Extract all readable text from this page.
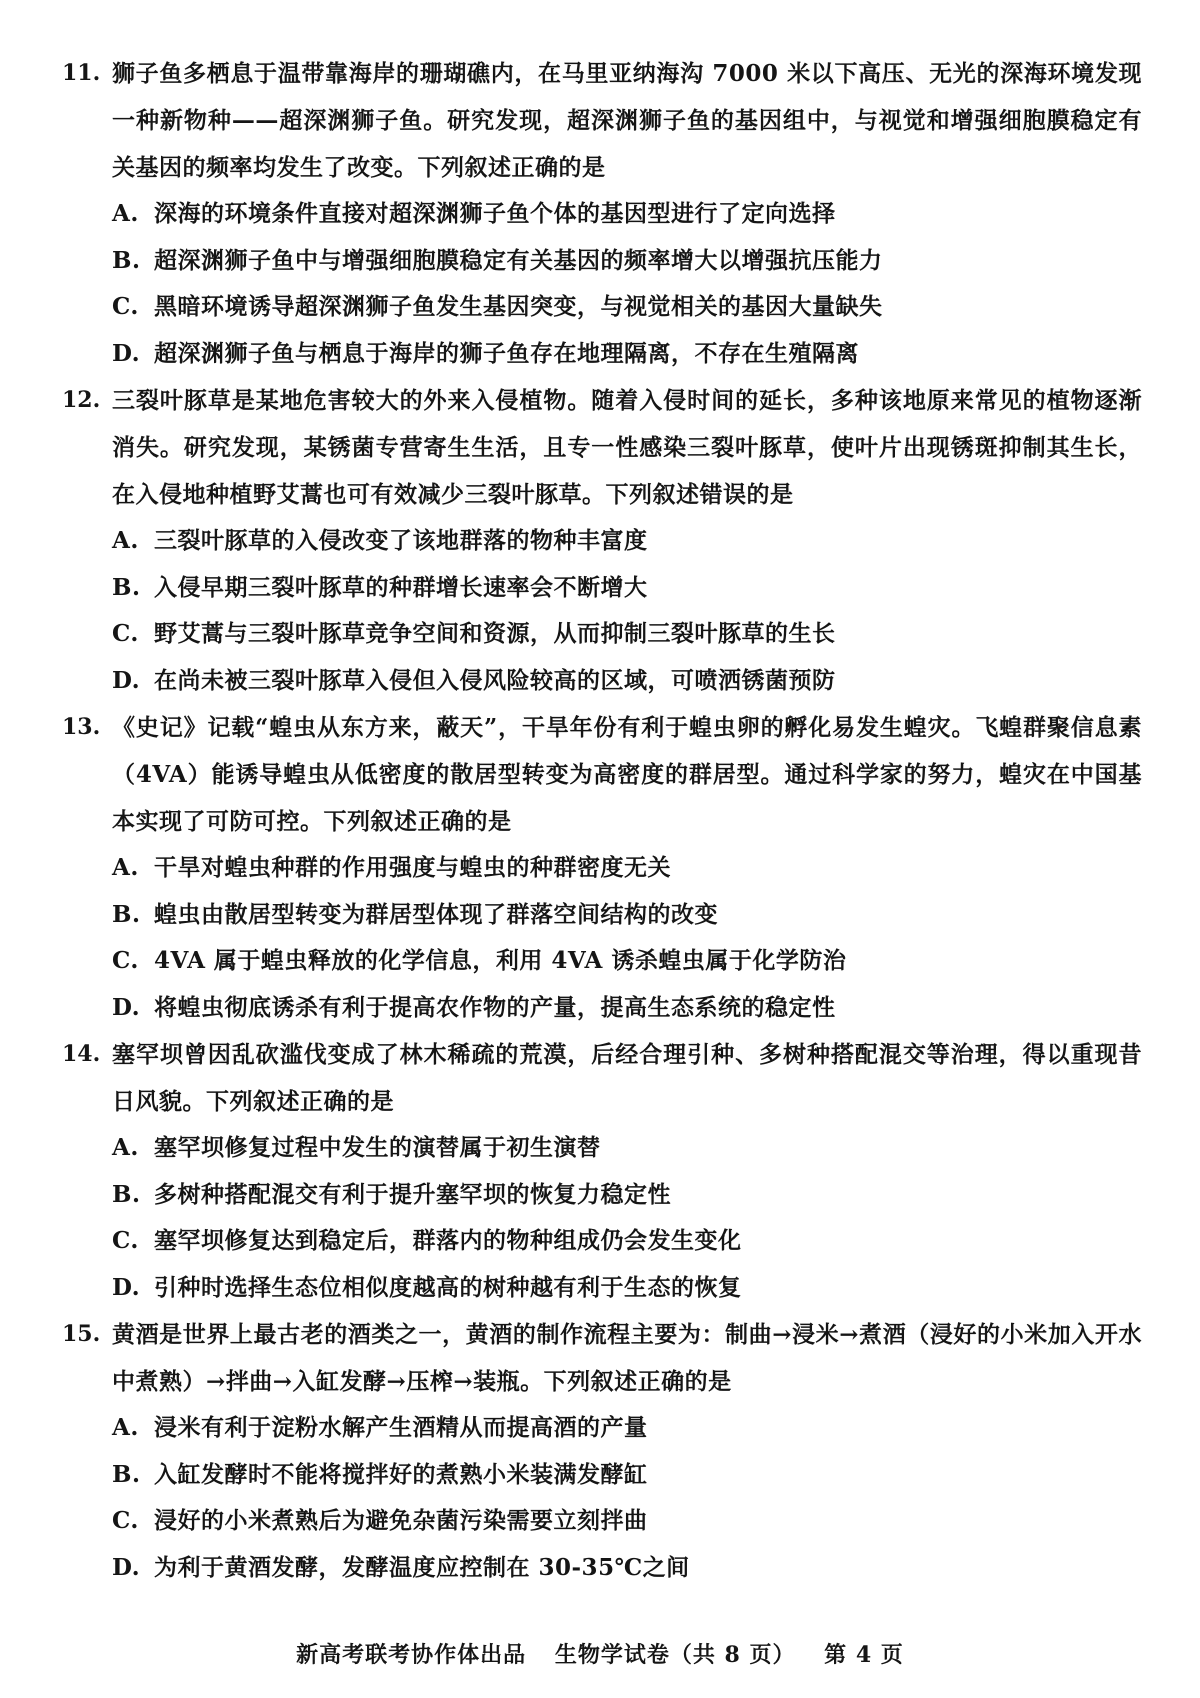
11. 狮子鱼多栖息于温带靠海岸的珊瑚礁内，在马里亚纳海沟 7000 米以下高压、无光的深海环境发现一种新物种——超深渊狮子鱼。研究发现，超深渊狮子鱼的基因组中，与视觉和增强细胞膜稳定有关基因的频率均发生了改变。下列叙述正确的是

A. 深海的环境条件直接对超深渊狮子鱼个体的基因型进行了定向选择
B. 超深渊狮子鱼中与增强细胞膜稳定有关基因的频率增大以增强抗压能力
C. 黑暗环境诱导超深渊狮子鱼发生基因突变，与视觉相关的基因大量缺失
D. 超深渊狮子鱼与栖息于海岸的狮子鱼存在地理隔离，不存在生殖隔离
12. 三裂叶豚草是某地危害较大的外来入侵植物。随着入侵时间的延长，多种该地原来常见的植物逐渐消失。研究发现，某锈菌专营寄生生活，且专一性感染三裂叶豚草，使叶片出现锈斑抑制其生长，在入侵地种植野艾蒿也可有效减少三裂叶豚草。下列叙述错误的是

A. 三裂叶豚草的入侵改变了该地群落的物种丰富度
B. 入侵早期三裂叶豚草的种群增长速率会不断增大
C. 野艾蒿与三裂叶豚草竞争空间和资源，从而抑制三裂叶豚草的生长
D. 在尚未被三裂叶豚草入侵但入侵风险较高的区域，可喷洒锈菌预防
13. 《史记》记载“蝗虫从东方来，蔽天”，干旱年份有利于蝗虫卵的孵化易发生蝗灾。飞蝗群聚信息素（4VA）能诱导蝗虫从低密度的散居型转变为高密度的群居型。通过科学家的努力，蝗灾在中国基本实现了可防可控。下列叙述正确的是

A. 干旱对蝗虫种群的作用强度与蝗虫的种群密度无关
B. 蝗虫由散居型转变为群居型体现了群落空间结构的改变
C. 4VA 属于蝗虫释放的化学信息，利用 4VA 诱杀蝗虫属于化学防治
D. 将蝗虫彻底诱杀有利于提高农作物的产量，提高生态系统的稳定性
14. 塞罕坝曾因乱砍滥伐变成了林木稀疏的荒漠，后经合理引种、多树种搭配混交等治理，得以重现昔日风貌。下列叙述正确的是

A. 塞罕坝修复过程中发生的演替属于初生演替
B. 多树种搭配混交有利于提升塞罕坝的恢复力稳定性
C. 塞罕坝修复达到稳定后，群落内的物种组成仍会发生变化
D. 引种时选择生态位相似度越高的树种越有利于生态的恢复
15. 黄酒是世界上最古老的酒类之一，黄酒的制作流程主要为：制曲→浸米→煮酒（浸好的小米加入开水中煮熟）→拌曲→入缸发酵→压榨→装瓶。下列叙述正确的是

A. 浸米有利于淀粉水解产生酒精从而提高酒的产量
B. 入缸发酵时不能将搅拌好的煮熟小米装满发酵缸
C. 浸好的小米煮熟后为避免杂菌污染需要立刻拌曲
D. 为利于黄酒发酵，发酵温度应控制在 30-35℃之间
新高考联考协作体出品 生物学试卷（共 8 页） 第 4 页
